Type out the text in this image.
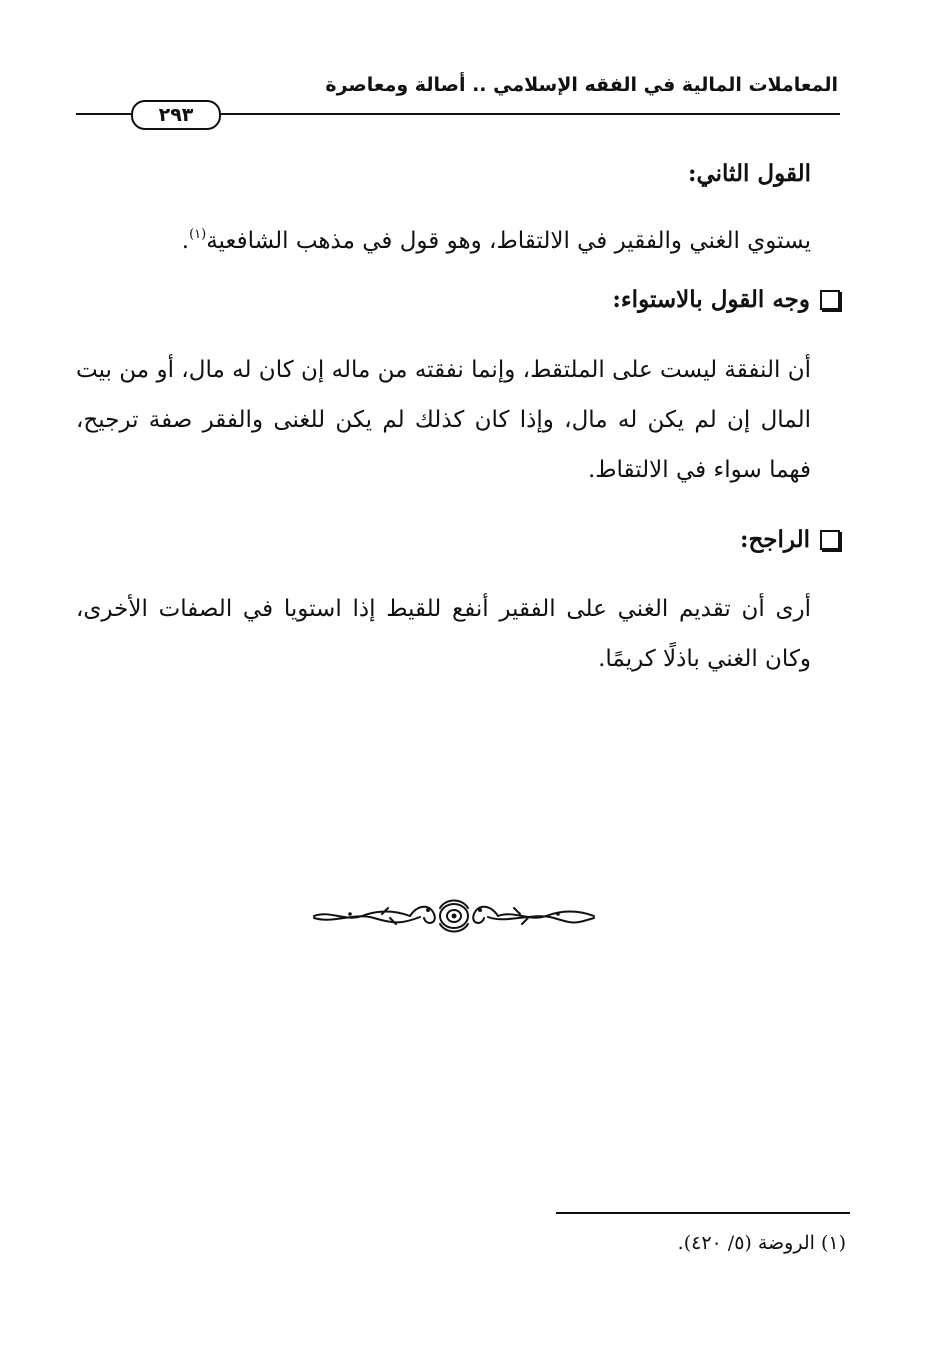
المعاملات المالية في الفقه الإسلامي .. أصالة ومعاصرة
٢٩٣
القول الثاني:
يستوي الغني والفقير في الالتقاط، وهو قول في مذهب الشافعية$^{(١)}$.
وجه القول بالاستواء:
أن النفقة ليست على الملتقط، وإنما نفقته من ماله إن كان له مال، أو من بيت المال إن لم يكن له مال، وإذا كان كذلك لم يكن للغنى والفقر صفة ترجيح، فهما سواء في الالتقاط.
الراجح:
أرى أن تقديم الغني على الفقير أنفع للقيط إذا استويا في الصفات الأخرى، وكان الغني باذلًا كريمًا.
(١) الروضة (٥/ ٤٢٠).
